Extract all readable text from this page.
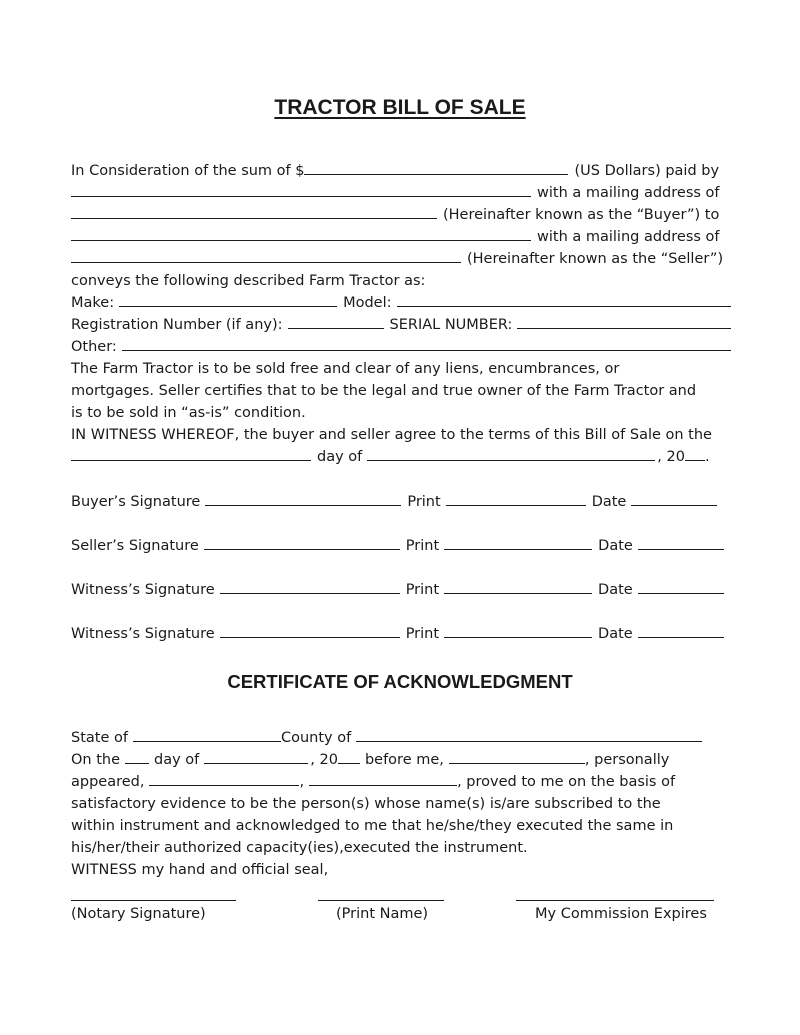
TRACTOR BILL OF SALE
In Consideration of the sum of $	(US Dollars) paid by
with a mailing address of
(Hereinafter known as the “Buyer”) to
with a mailing address of
(Hereinafter known as the “Seller”)
conveys the following described Farm Tractor as:
Make:	Model:
Registration Number (if any):	SERIAL NUMBER:
Other:
The Farm Tractor is to be sold free and clear of any liens, encumbrances, or
mortgages. Seller certifies that to be the legal and true owner of the Farm Tractor and
is to be sold in “as-is” condition.
IN WITNESS WHEREOF, the buyer and seller agree to the terms of this Bill of Sale on the
day of	, 20 .
Buyer’s Signature	Print	Date
Seller’s Signature	Print	Date
Witness’s Signature	Print	Date
Witness’s Signature	Print	Date
CERTIFICATE OF ACKNOWLEDGMENT
State of	County of
On the day of	, 20 before me,	, personally
appeared,	,	, proved to me on the basis of
satisfactory evidence to be the person(s) whose name(s) is/are subscribed to the
within instrument and acknowledged to me that he/she/they executed the same in
his/her/their authorized capacity(ies),executed the instrument.
WITNESS my hand and official seal,
(Notary Signature)	(Print Name)	My Commission Expires
